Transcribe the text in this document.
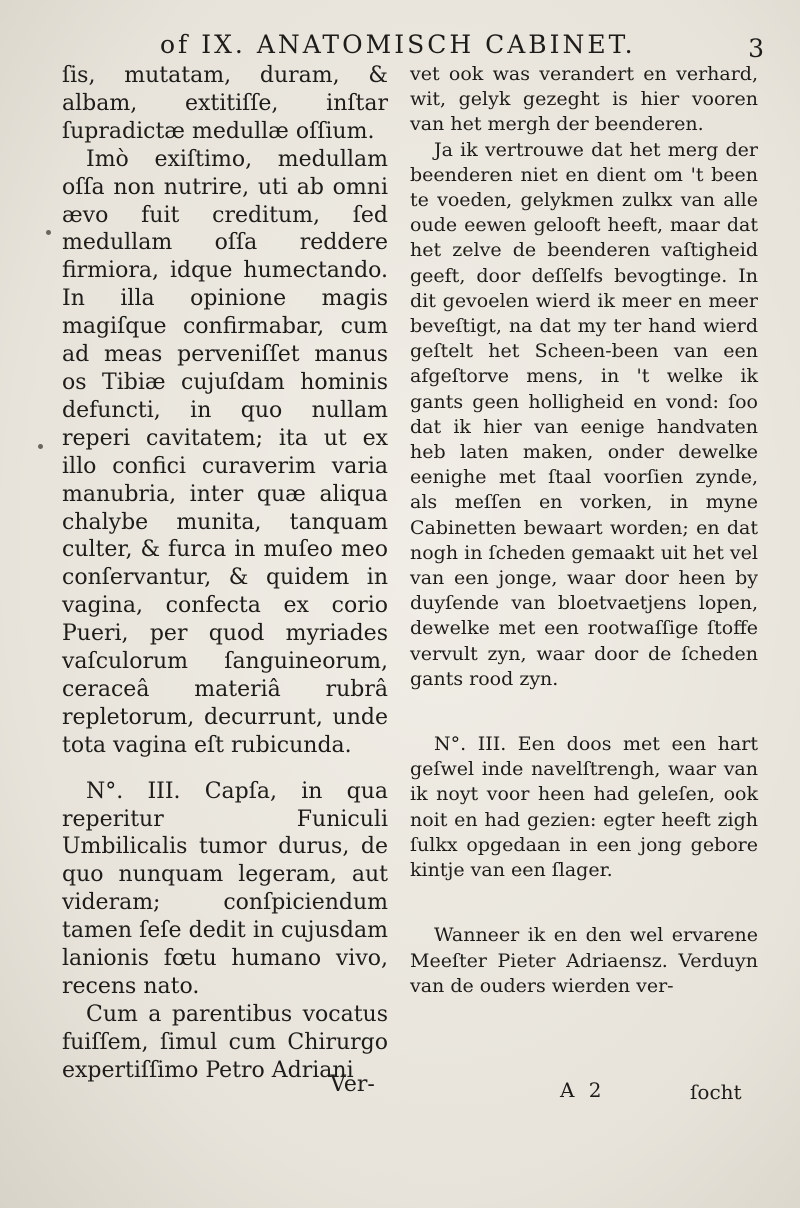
of IX. ANATOMISCH CABINET.	3

ſis, mutatam, duram, & albam, extitiſſe, inſtar ſupradictæ medullæ oſſium.

Imò exiſtimo, medullam oſſa non nutrire, uti ab omni ævo fuit creditum, ſed medullam oſſa reddere firmiora, idque humectando. In illa opinione magis magiſque confirmabar, cum ad meas perveniſſet manus os Tibiæ cujuſdam hominis defuncti, in quo nullam reperi cavitatem; ita ut ex illo confici curaverim varia manubria, inter quæ aliqua chalybe munita, tanquam culter, & furca in muſeo meo conſervantur, & quidem in vagina, confecta ex corio Pueri, per quod myriades vaſculorum ſanguineorum, ceraceâ materiâ rubrâ repletorum, decurrunt, unde tota vagina eſt rubicunda.

N°. III. Capſa, in qua reperitur Funiculi Umbilicalis tumor durus, de quo nunquam legeram, aut videram; conſpiciendum tamen ſeſe dedit in cujusdam lanionis fœtu humano vivo, recens nato.

Cum a parentibus vocatus fuiſſem, ſimul cum Chirurgo expertiſſimo Petro Adriani

vet ook was verandert en verhard, wit, gelyk gezeght is hier vooren van het mergh der beenderen.

Ja ik vertrouwe dat het merg der beenderen niet en dient om 't been te voeden, gelykmen zulkx van alle oude eewen gelooft heeft, maar dat het zelve de beenderen vaſtigheid geeft, door deſſelfs bevogtinge. In dit gevoelen wierd ik meer en meer beveſtigt, na dat my ter hand wierd geſtelt het Scheen-been van een afgeſtorve mens, in 't welke ik gants geen holligheid en vond: ſoo dat ik hier van eenige handvaten heb laten maken, onder dewelke eenighe met ſtaal voorſien zynde, als meſſen en vorken, in myne Cabinetten bewaart worden; en dat nogh in ſcheden gemaakt uit het vel van een jonge, waar door heen by duyſende van bloetvaetjens lopen, dewelke met een rootwaſſige ſtoffe vervult zyn, waar door de ſcheden gants rood zyn.

N°. III. Een doos met een hart geſwel inde navelſtrengh, waar van ik noyt voor heen had geleſen, ook noit en had gezien: egter heeft zigh ſulkx opgedaan in een jong gebore kintje van een ſlager.

Wanneer ik en den wel ervarene Meeſter Pieter Adriaensz. Verduyn van de ouders wierden ver-

Ver-	A 2	ſocht
